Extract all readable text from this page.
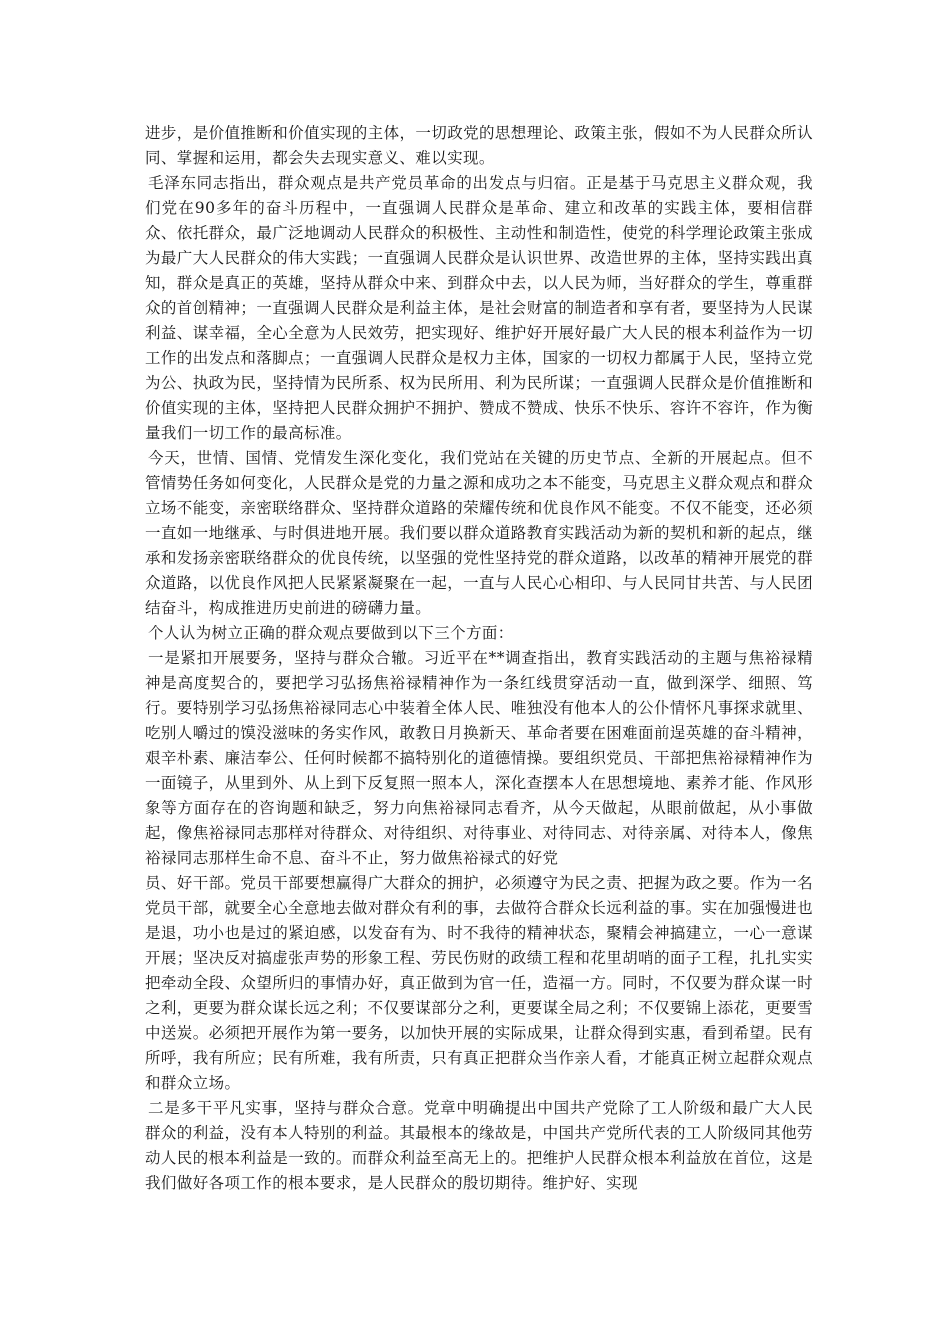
进步，是价值推断和价值实现的主体，一切政党的思想理论、政策主张，假如不为人民群众所认同、掌握和运用，都会失去现实意义、难以实现。

毛泽东同志指出，群众观点是共产党员革命的出发点与归宿。正是基于马克思主义群众观，我们党在90多年的奋斗历程中，一直强调人民群众是革命、建立和改革的实践主体，要相信群众、依托群众，最广泛地调动人民群众的积极性、主动性和制造性，使党的科学理论政策主张成为最广大人民群众的伟大实践；一直强调人民群众是认识世界、改造世界的主体，坚持实践出真知，群众是真正的英雄，坚持从群众中来、到群众中去，以人民为师，当好群众的学生，尊重群众的首创精神；一直强调人民群众是利益主体，是社会财富的制造者和享有者，要坚持为人民谋利益、谋幸福，全心全意为人民效劳，把实现好、维护好开展好最广大人民的根本利益作为一切工作的出发点和落脚点；一直强调人民群众是权力主体，国家的一切权力都属于人民，坚持立党为公、执政为民，坚持情为民所系、权为民所用、利为民所谋；一直强调人民群众是价值推断和价值实现的主体，坚持把人民群众拥护不拥护、赞成不赞成、快乐不快乐、容许不容许，作为衡量我们一切工作的最高标准。

今天，世情、国情、党情发生深化变化，我们党站在关键的历史节点、全新的开展起点。但不管情势任务如何变化，人民群众是党的力量之源和成功之本不能变，马克思主义群众观点和群众立场不能变，亲密联络群众、坚持群众道路的荣耀传统和优良作风不能变。不仅不能变，还必须一直如一地继承、与时俱进地开展。我们要以群众道路教育实践活动为新的契机和新的起点，继承和发扬亲密联络群众的优良传统，以坚强的党性坚持党的群众道路，以改革的精神开展党的群众道路，以优良作风把人民紧紧凝聚在一起，一直与人民心心相印、与人民同甘共苦、与人民团结奋斗，构成推进历史前进的磅礴力量。

个人认为树立正确的群众观点要做到以下三个方面：

一是紧扣开展要务，坚持与群众合辙。习近平在**调查指出，教育实践活动的主题与焦裕禄精神是高度契合的，要把学习弘扬焦裕禄精神作为一条红线贯穿活动一直，做到深学、细照、笃行。要特别学习弘扬焦裕禄同志心中装着全体人民、唯独没有他本人的公仆情怀凡事探求就里、吃别人嚼过的馍没滋味的务实作风，敢教日月换新天、革命者要在困难面前逞英雄的奋斗精神，艰辛朴素、廉洁奉公、任何时候都不搞特别化的道德情操。要组织党员、干部把焦裕禄精神作为一面镜子，从里到外、从上到下反复照一照本人，深化查摆本人在思想境地、素养才能、作风形象等方面存在的咨询题和缺乏，努力向焦裕禄同志看齐，从今天做起，从眼前做起，从小事做起，像焦裕禄同志那样对待群众、对待组织、对待事业、对待同志、对待亲属、对待本人，像焦裕禄同志那样生命不息、奋斗不止，努力做焦裕禄式的好党

员、好干部。党员干部要想赢得广大群众的拥护，必须遵守为民之责、把握为政之要。作为一名党员干部，就要全心全意地去做对群众有利的事，去做符合群众长远利益的事。实在加强慢进也是退，功小也是过的紧迫感，以发奋有为、时不我待的精神状态，聚精会神搞建立，一心一意谋开展；坚决反对搞虚张声势的形象工程、劳民伤财的政绩工程和花里胡哨的面子工程，扎扎实实把牵动全段、众望所归的事情办好，真正做到为官一任，造福一方。同时，不仅要为群众谋一时之利，更要为群众谋长远之利；不仅要谋部分之利，更要谋全局之利；不仅要锦上添花，更要雪中送炭。必须把开展作为第一要务，以加快开展的实际成果，让群众得到实惠，看到希望。民有所呼，我有所应；民有所难，我有所责，只有真正把群众当作亲人看，才能真正树立起群众观点和群众立场。

二是多干平凡实事，坚持与群众合意。党章中明确提出中国共产党除了工人阶级和最广大人民群众的利益，没有本人特别的利益。其最根本的缘故是，中国共产党所代表的工人阶级同其他劳动人民的根本利益是一致的。而群众利益至高无上的。把维护人民群众根本利益放在首位，这是我们做好各项工作的根本要求，是人民群众的殷切期待。维护好、实现
